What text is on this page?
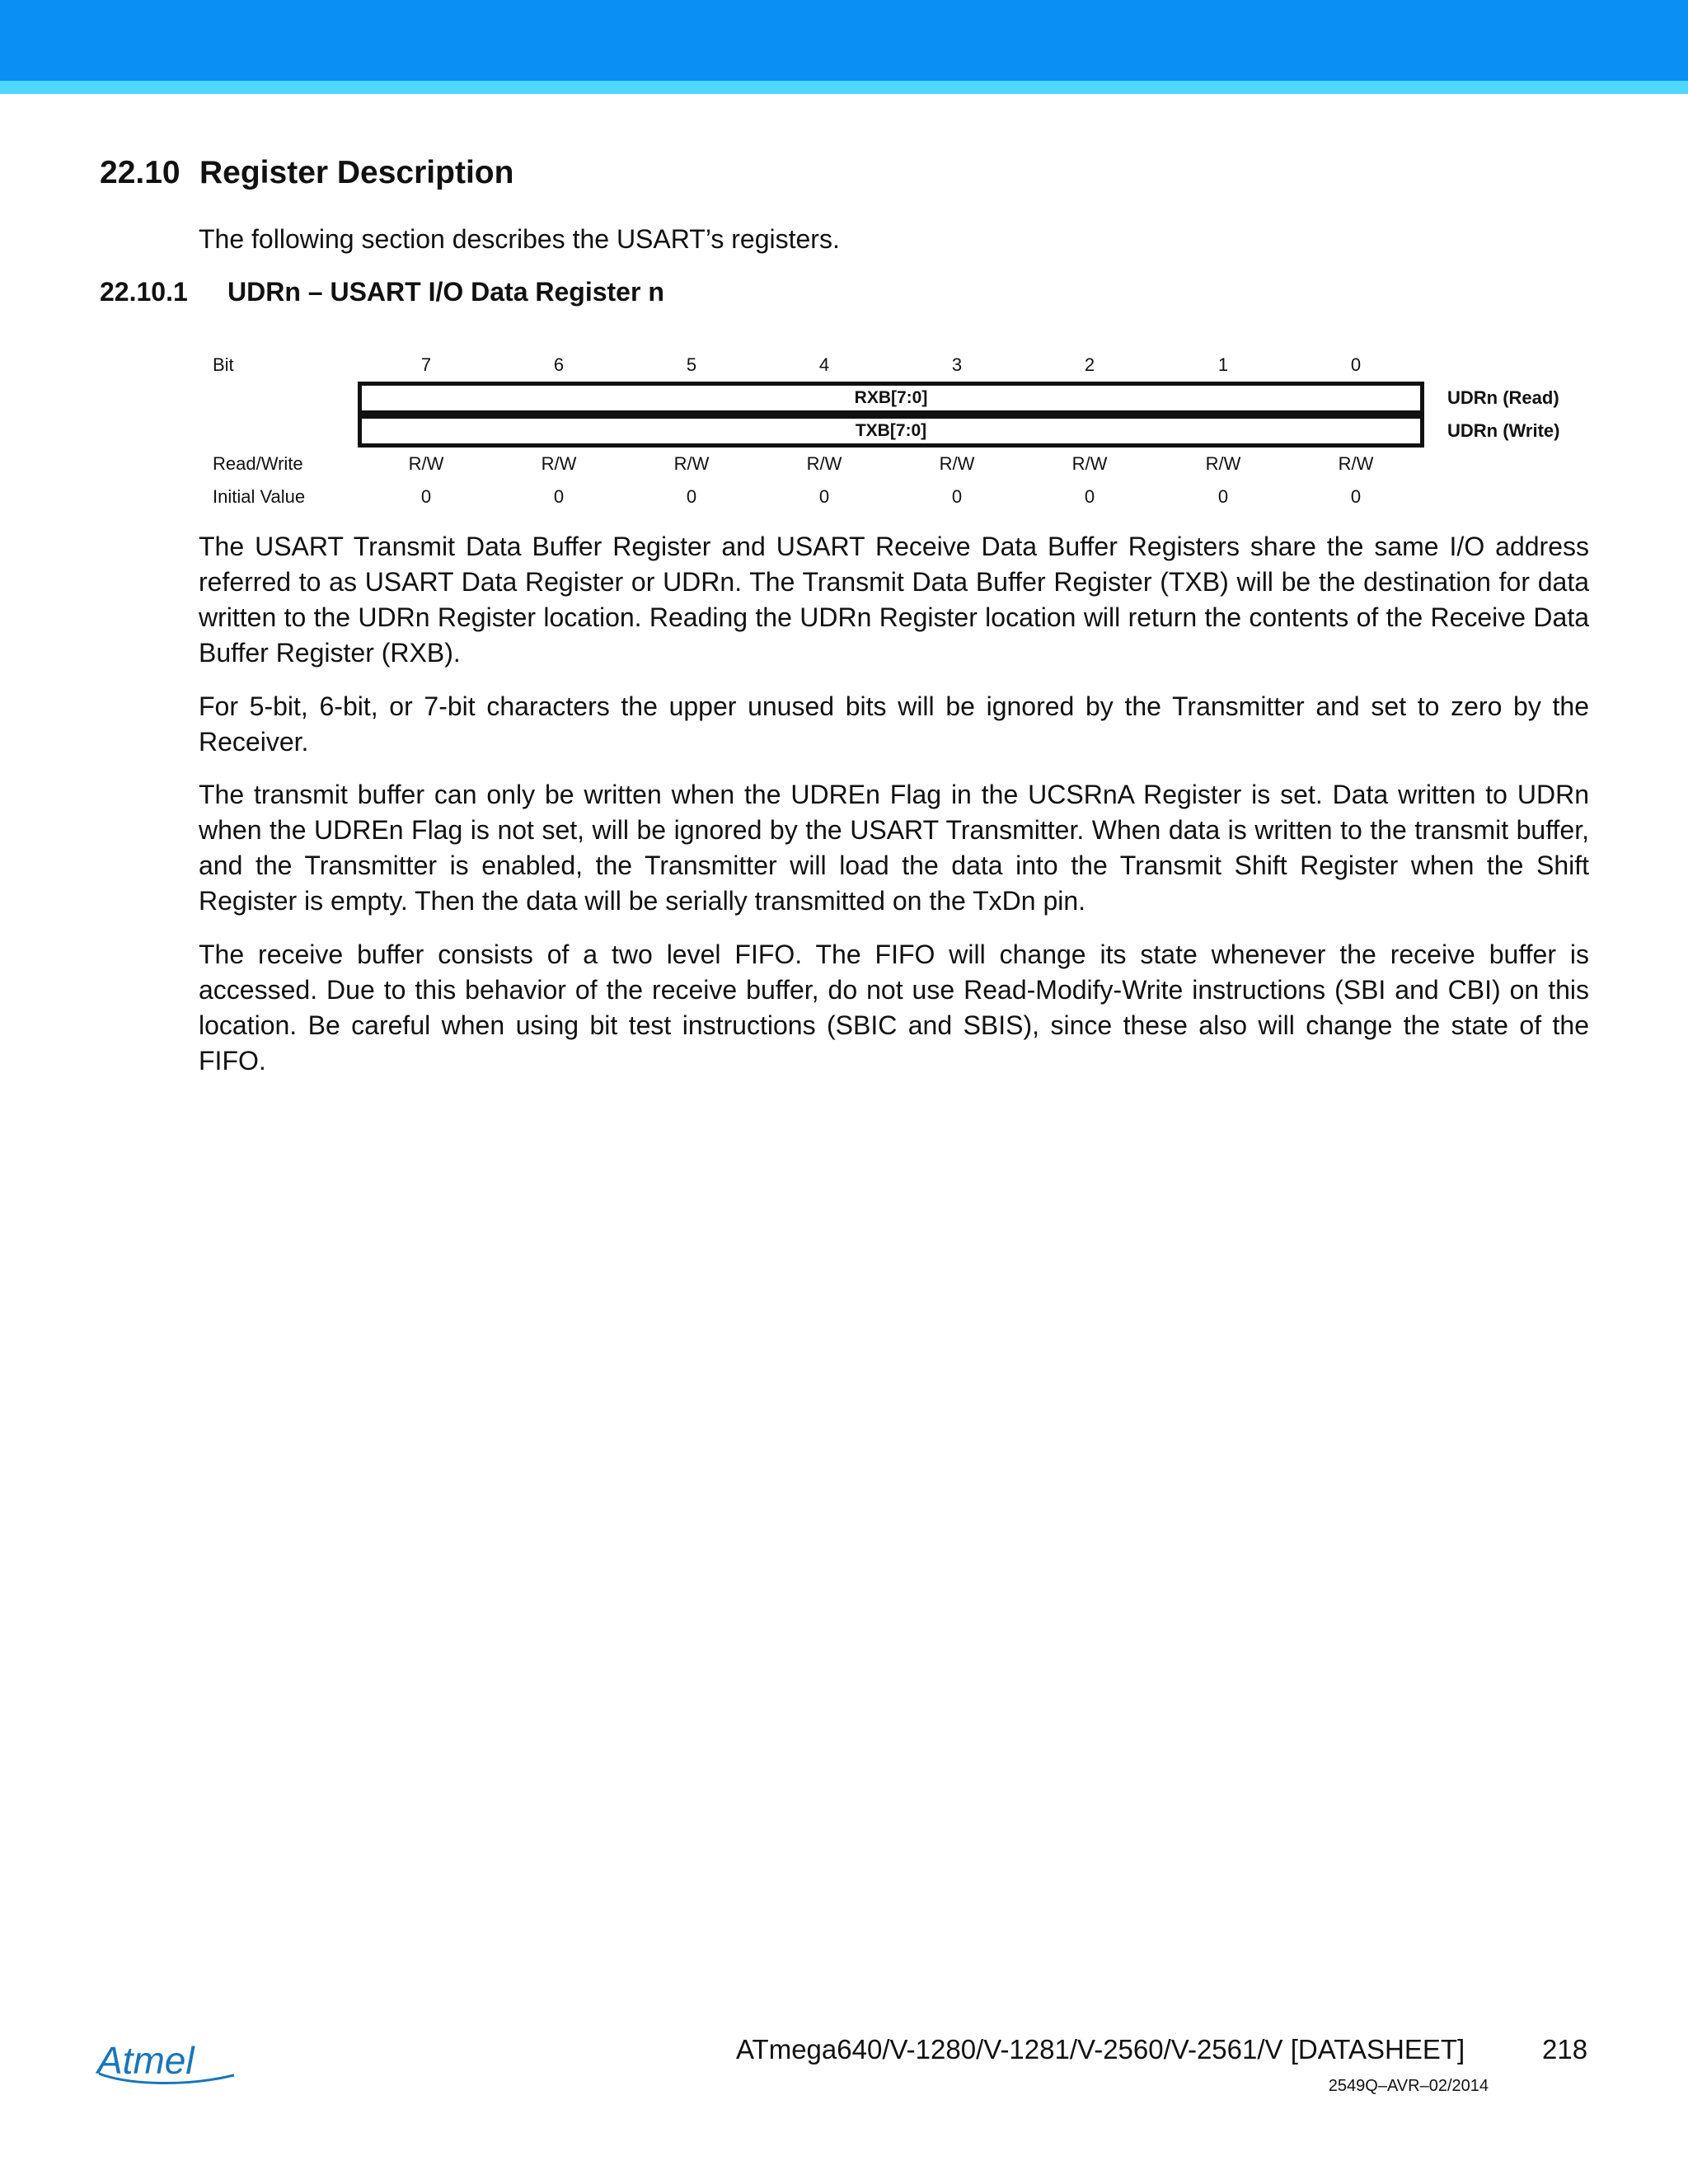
22.10 Register Description
The following section describes the USART’s registers.
22.10.1 UDRn – USART I/O Data Register n
Bit	7	6	5	4	3	2	1	0
RXB[7:0]	UDRn (Read)
TXB[7:0]	UDRn (Write)
Read/Write	R/W	R/W	R/W	R/W	R/W	R/W	R/W	R/W
Initial Value	0	0	0	0	0	0	0	0

The USART Transmit Data Buffer Register and USART Receive Data Buffer Registers share the same I/O address referred to as USART Data Register or UDRn. The Transmit Data Buffer Register (TXB) will be the destination for data written to the UDRn Register location. Reading the UDRn Register location will return the contents of the Receive Data Buffer Register (RXB).

For 5-bit, 6-bit, or 7-bit characters the upper unused bits will be ignored by the Transmitter and set to zero by the Receiver.

The transmit buffer can only be written when the UDREn Flag in the UCSRnA Register is set. Data written to UDRn when the UDREn Flag is not set, will be ignored by the USART Transmitter. When data is written to the transmit buffer, and the Transmitter is enabled, the Transmitter will load the data into the Transmit Shift Register when the Shift Register is empty. Then the data will be serially transmitted on the TxDn pin.

The receive buffer consists of a two level FIFO. The FIFO will change its state whenever the receive buffer is accessed. Due to this behavior of the receive buffer, do not use Read-Modify-Write instructions (SBI and CBI) on this location. Be careful when using bit test instructions (SBIC and SBIS), since these also will change the state of the FIFO.

Atmel	ATmega640/V-1280/V-1281/V-2560/V-2561/V [DATASHEET]	218
2549Q–AVR–02/2014
